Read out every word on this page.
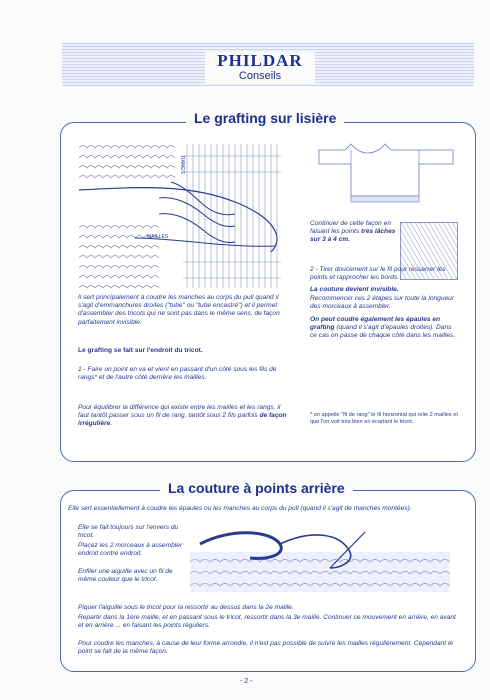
PHILDAR
Conseils
Le grafting sur lisière
RANGS
MAILLES
Il sert principalement à coudre les manches au corps du pull quand il s'agit d'emmanchures droites ("tube" ou "tube encastré") et il permet d'assembler des tricots qui ne sont pas dans le même sens, de façon parfaitement invisible.
Le grafting se fait sur l'endroit du tricot.
1 - Faire un point en va et vient en passant d'un côté sous les fils de rangs* et de l'autre côté derrière les mailles.
Pour équilibrer la différence qui existe entre les mailles et les rangs, il faut tantôt passer sous un fil de rang, tantôt sous 2 fils parfois de façon irrégulière.
Continuer de cette façon en faisant les points très lâches sur 3 à 4 cm.
2 - Tirer doucement sur le fil pour resserrer les points et rapprocher les bords.
La couture devient invisible.
Recommencer ces 2 étapes sur toute la longueur des morceaux à assembler.
On peut coudre également les épaules en grafting (quand il s'agit d'épaules droites). Dans ce cas on passe de chaque côté dans les mailles.
* on appelle "fil de rang" le fil horizontal qui relie 2 mailles et que l'on voit très bien en écartant le tricot.
La couture à points arrière
Elle sert essentiellement à coudre les épaules ou les manches au corps du pull (quand il s'agit de manches montées).
Elle se fait toujours sur l'envers du tricot.
Placez les 2 morceaux à assembler endroit contre endroit.
Enfiler une aiguille avec un fil de même couleur que le tricot.
Piquer l'aiguille sous le tricot pour la ressortir au dessus dans la 2e maille.
Repartir dans la 1ère maille, et en passant sous le tricot, ressortir dans la 3e maille. Continuer ce mouvement en arrière, en avant et en arrière ... en faisant les points réguliers.
Pour coudre les manches, à cause de leur forme arrondie, il n'est pas possible de suivre les mailles régulièrement. Cependant le point se fait de la même façon.
- 2 -
